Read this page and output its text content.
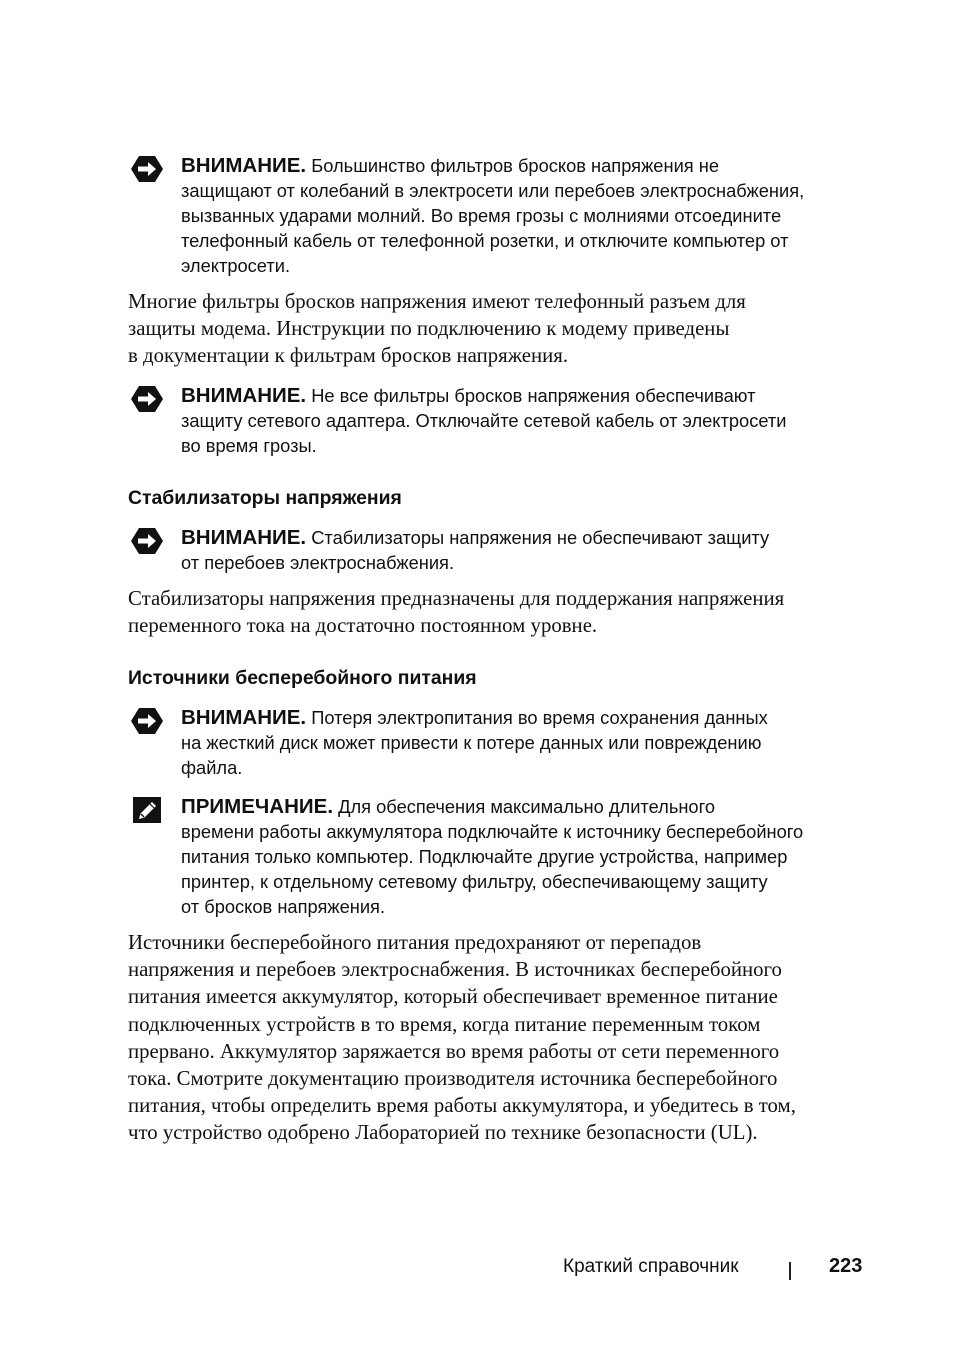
ВНИМАНИЕ. Большинство фильтров бросков напряжения не
защищают от колебаний в электросети или перебоев электроснабжения,
вызванных ударами молний. Во время грозы с молниями отсоедините
телефонный кабель от телефонной розетки, и отключите компьютер от
электросети.
Многие фильтры бросков напряжения имеют телефонный разъем для
защиты модема. Инструкции по подключению к модему приведены
в документации к фильтрам бросков напряжения.
ВНИМАНИЕ. Не все фильтры бросков напряжения обеспечивают
защиту сетевого адаптера. Отключайте сетевой кабель от электросети
во время грозы.
Стабилизаторы напряжения
ВНИМАНИЕ. Стабилизаторы напряжения не обеспечивают защиту
от перебоев электроснабжения.
Стабилизаторы напряжения предназначены для поддержания напряжения
переменного тока на достаточно постоянном уровне.
Источники бесперебойного питания
ВНИМАНИЕ. Потеря электропитания во время сохранения данных
на жесткий диск может привести к потере данных или повреждению
файла.
ПРИМЕЧАНИЕ. Для обеспечения максимально длительного
времени работы аккумулятора подключайте к источнику бесперебойного
питания только компьютер. Подключайте другие устройства, например
принтер, к отдельному сетевому фильтру, обеспечивающему защиту
от бросков напряжения.
Источники бесперебойного питания предохраняют от перепадов
напряжения и перебоев электроснабжения. В источниках бесперебойного
питания имеется аккумулятор, который обеспечивает временное питание
подключенных устройств в то время, когда питание переменным током
прервано. Аккумулятор заряжается во время работы от сети переменного
тока. Смотрите документацию производителя источника бесперебойного
питания, чтобы определить время работы аккумулятора, и убедитесь в том,
что устройство одобрено Лабораторией по технике безопасности (UL).
Краткий справочник	223
